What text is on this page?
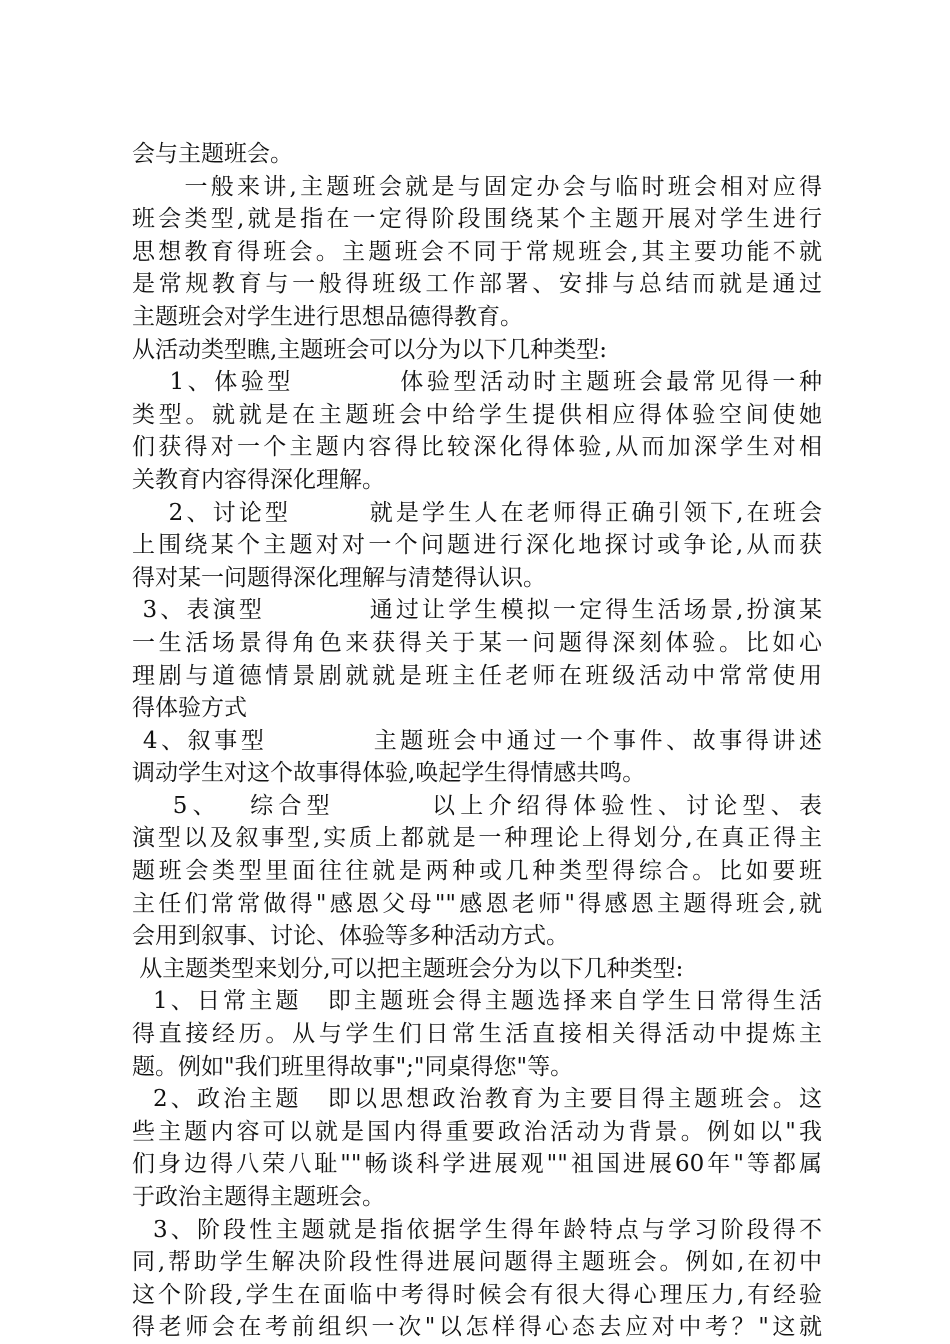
会与主题班会。
　　一般来讲,主题班会就是与固定办会与临时班会相对应得
班会类型,就是指在一定得阶段围绕某个主题开展对学生进行
思想教育得班会。主题班会不同于常规班会,其主要功能不就
是常规教育与一般得班级工作部署、安排与总结而就是通过
主题班会对学生进行思想品德得教育。
从活动类型瞧,主题班会可以分为以下几种类型:
　 1、体验型　　　　体验型活动时主题班会最常见得一种
类型。就就是在主题班会中给学生提供相应得体验空间使她
们获得对一个主题内容得比较深化得体验,从而加深学生对相
关教育内容得深化理解。
　 2、讨论型　　　就是学生人在老师得正确引领下,在班会
上围绕某个主题对对一个问题进行深化地探讨或争论,从而获
得对某一问题得深化理解与清楚得认识。
3、表演型　　　　通过让学生模拟一定得生活场景,扮演某
一生活场景得角色来获得关于某一问题得深刻体验。比如心
理剧与道德情景剧就就是班主任老师在班级活动中常常使用
得体验方式
4、叙事型　　　　主题班会中通过一个事件、故事得讲述
调动学生对这个故事得体验,唤起学生得情感共鸣。
　 5、　 综合型　　　 以上介绍得体验性、讨论型、表
演型以及叙事型,实质上都就是一种理论上得划分,在真正得主
题班会类型里面往往就是两种或几种类型得综合。比如要班
主任们常常做得"感恩父母""感恩老师"得感恩主题得班会,就
会用到叙事、讨论、体验等多种活动方式。
从主题类型来划分,可以把主题班会分为以下几种类型:
1、日常主题　即主题班会得主题选择来自学生日常得生活
得直接经历。从与学生们日常生活直接相关得活动中提炼主
题。例如"我们班里得故事";"同桌得您"等。
2、政治主题　即以思想政治教育为主要目得主题班会。这
些主题内容可以就是国内得重要政治活动为背景。例如以"我
们身边得八荣八耻""畅谈科学进展观""祖国进展60年"等都属
于政治主题得主题班会。
3、阶段性主题就是指依据学生得年龄特点与学习阶段得不
同,帮助学生解决阶段性得进展问题得主题班会。例如,在初中
这个阶段,学生在面临中考得时候会有很大得心理压力,有经验
得老师会在考前组织一次"以怎样得心态去应对中考？"这就
